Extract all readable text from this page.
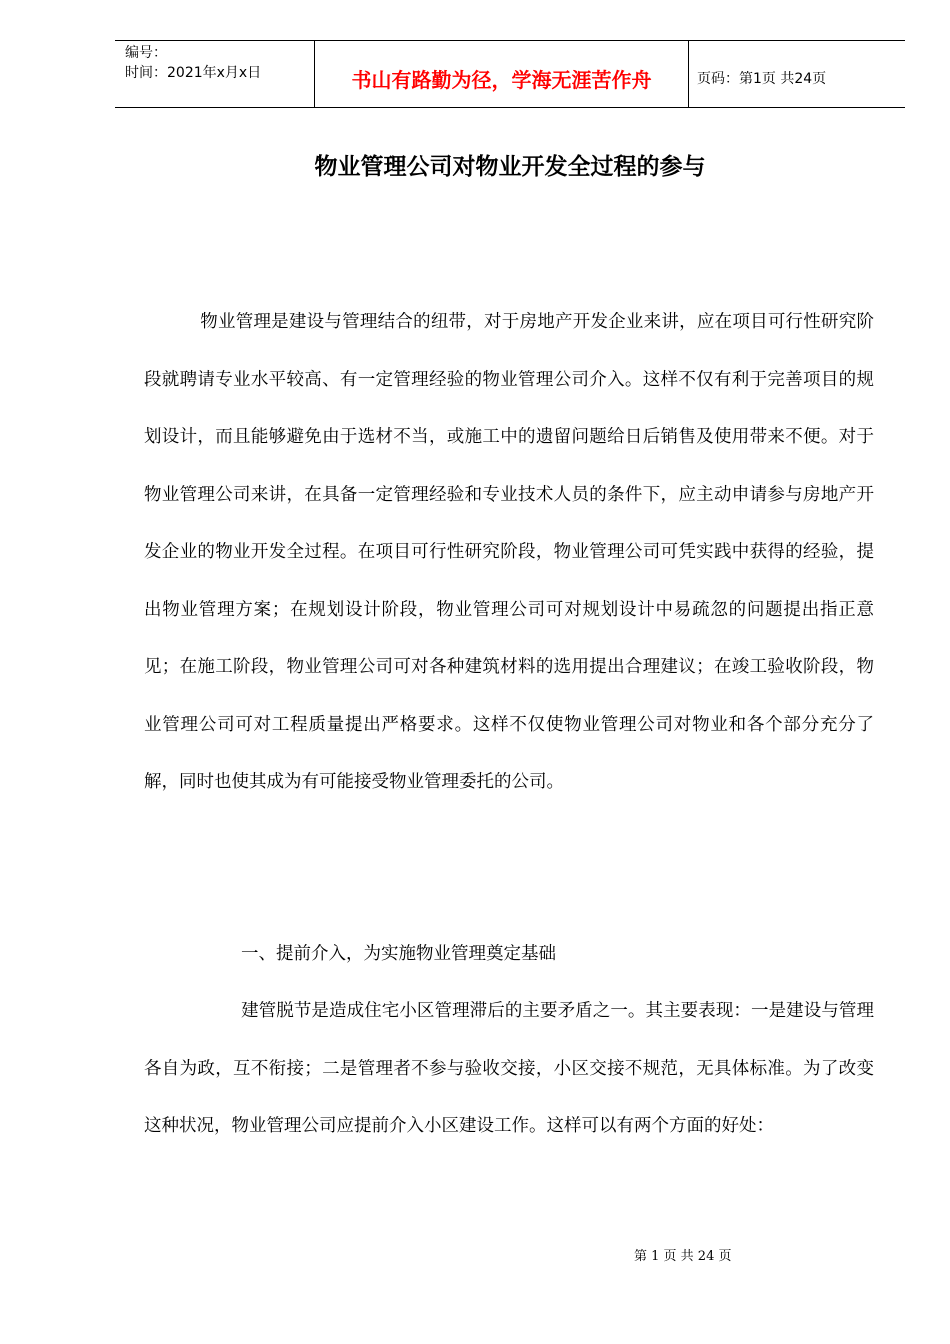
编号：
时间：2021年x月x日	书山有路勤为径，学海无涯苦作舟	页码：第1页 共24页
物业管理公司对物业开发全过程的参与
物业管理是建设与管理结合的纽带，对于房地产开发企业来讲，应在项目可行性研究阶段就聘请专业水平较高、有一定管理经验的物业管理公司介入。这样不仅有利于完善项目的规划设计，而且能够避免由于选材不当，或施工中的遗留问题给日后销售及使用带来不便。对于物业管理公司来讲，在具备一定管理经验和专业技术人员的条件下，应主动申请参与房地产开发企业的物业开发全过程。在项目可行性研究阶段，物业管理公司可凭实践中获得的经验，提出物业管理方案；在规划设计阶段，物业管理公司可对规划设计中易疏忽的问题提出指正意见；在施工阶段，物业管理公司可对各种建筑材料的选用提出合理建议；在竣工验收阶段，物业管理公司可对工程质量提出严格要求。这样不仅使物业管理公司对物业和各个部分充分了解，同时也使其成为有可能接受物业管理委托的公司。
一、提前介入，为实施物业管理奠定基础
建管脱节是造成住宅小区管理滞后的主要矛盾之一。其主要表现：一是建设与管理各自为政，互不衔接；二是管理者不参与验收交接，小区交接不规范，无具体标准。为了改变这种状况，物业管理公司应提前介入小区建设工作。这样可以有两个方面的好处：
第 1 页 共 24 页
